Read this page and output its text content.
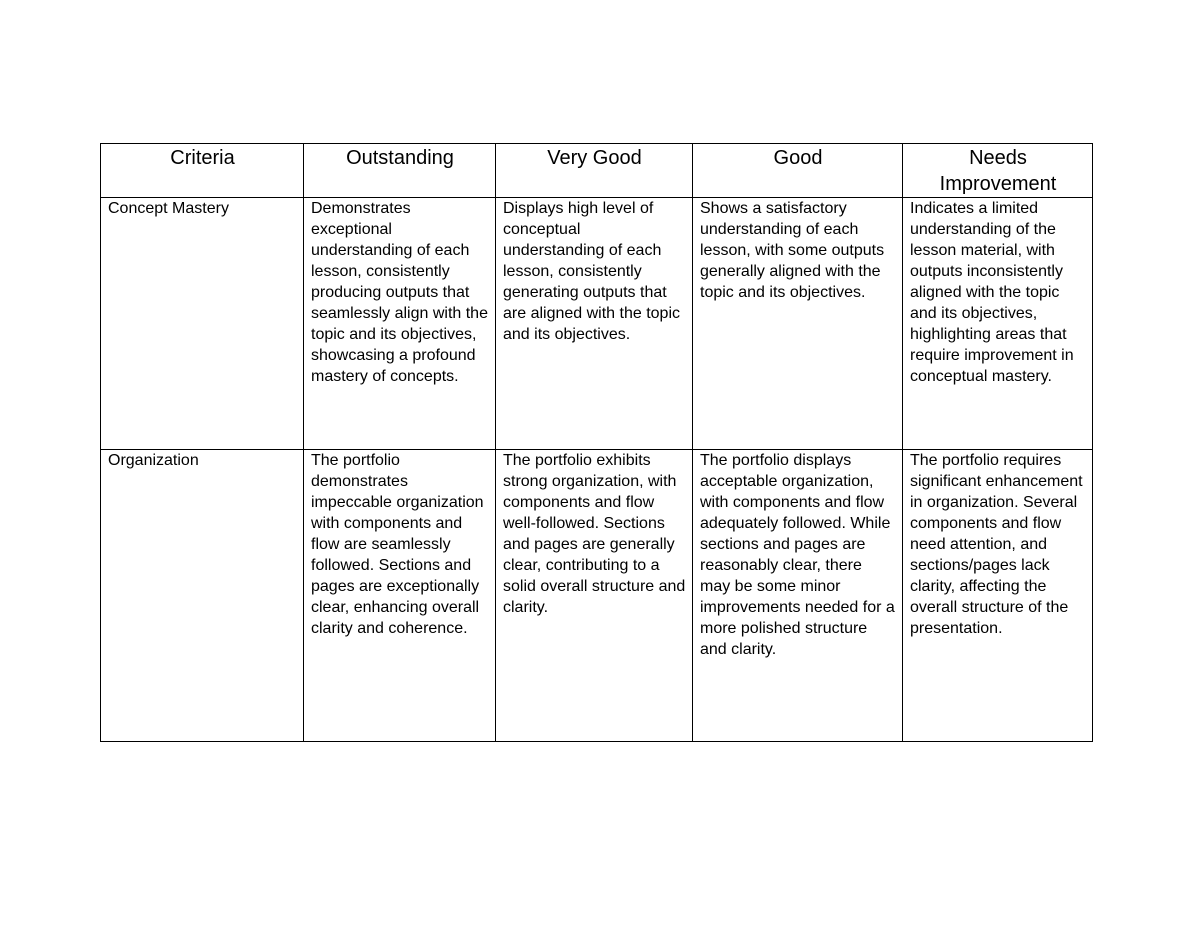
Criteria	Outstanding	Very Good	Good	Needs Improvement
Concept Mastery	Demonstrates exceptional understanding of each lesson, consistently producing outputs that seamlessly align with the topic and its objectives, showcasing a profound mastery of concepts.	Displays high level of conceptual understanding of each lesson, consistently generating outputs that are aligned with the topic and its objectives.	Shows a satisfactory understanding of each lesson, with some outputs generally aligned with the topic and its objectives.	Indicates a limited understanding of the lesson material, with outputs inconsistently aligned with the topic and its objectives, highlighting areas that require improvement in conceptual mastery.
Organization	The portfolio demonstrates impeccable organization with components and flow are seamlessly followed. Sections and pages are exceptionally clear, enhancing overall clarity and coherence.	The portfolio exhibits strong organization, with components and flow well-followed. Sections and pages are generally clear, contributing to a solid overall structure and clarity.	The portfolio displays acceptable organization, with components and flow adequately followed. While sections and pages are reasonably clear, there may be some minor improvements needed for a more polished structure and clarity.	The portfolio requires significant enhancement in organization. Several components and flow need attention, and sections/pages lack clarity, affecting the overall structure of the presentation.
